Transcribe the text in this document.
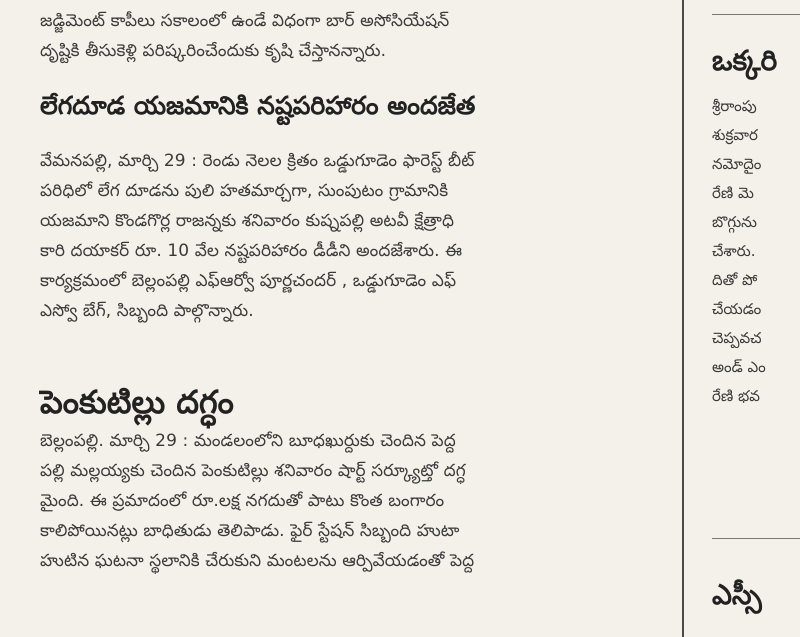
జడ్జిమెంట్ కాపీలు సకాలంలో ఉండే విధంగా బార్ అసోసియేషన్
దృష్టికి తీసుకెళ్లి పరిష్కరించేందుకు కృషి చేస్తానన్నారు.
లేగదూడ యజమానికి నష్టపరిహారం అందజేత
వేమనపల్లి, మార్చి 29 : రెండు నెలల క్రితం ఒడ్డుగూడెం ఫారెస్ట్ బీట్
పరిధిలో లేగ దూడను పులి హతమార్చగా, సుంపుటం గ్రామానికి
యజమాని కొండగొర్ల రాజన్నకు శనివారం కుష్నపల్లి అటవీ క్షేత్రాధి
కారి దయాకర్ రూ. 10 వేల నష్టపరిహారం డీడీని అందజేశారు. ఈ
కార్యక్రమంలో బెల్లంపల్లి ఎఫ్ఆర్వో పూర్ణచందర్ , ఒడ్డుగూడెం ఎఫ్
ఎస్వో బేగ్, సిబ్బంది పాల్గొన్నారు.
పెంకుటిల్లు దగ్ధం
బెల్లంపల్లి. మార్చి 29 : మండలంలోని బూధఖుర్దుకు చెందిన పెద్ద
పల్లి మల్లయ్యకు చెందిన పెంకుటిల్లు శనివారం షార్ట్ సర్క్యూట్తో దగ్ధ
మైంది. ఈ ప్రమాదంలో రూ.లక్ష నగదుతో పాటు కొంత బంగారం
కాలిపోయినట్లు బాధితుడు తెలిపాడు. ఫైర్ స్టేషన్ సిబ్బంది హుటా
హుటిన ఘటనా స్థలానికి చేరుకుని మంటలను ఆర్పివేయడంతో పెద్ద
ఒక్కరి
శ్రీరాంపు
శుక్రవార
నమోదైం
రేణి మె
బొగ్గును
చేశారు.
దితో పో
చేయడం
చెప్పవచ
అండ్ ఎం
రేణి భవ
ఎస్సీ
